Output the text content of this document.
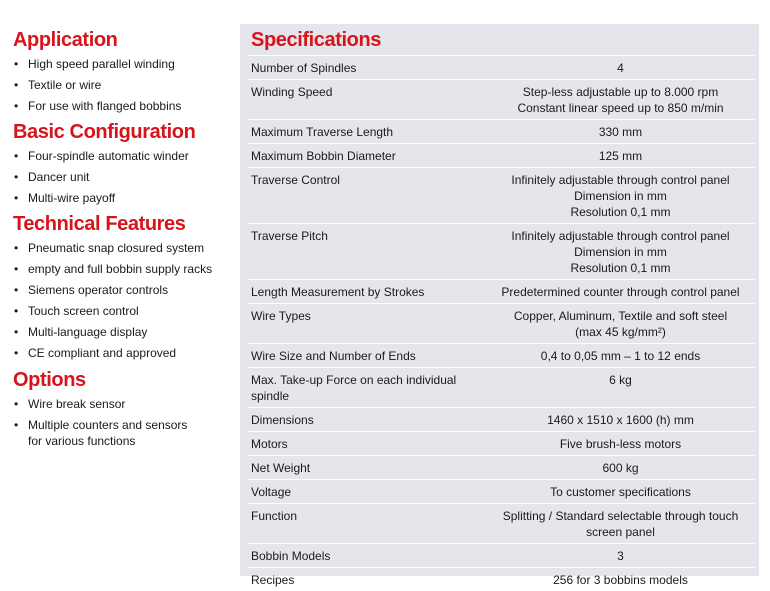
Application
• High speed parallel winding
• Textile or wire
• For use with flanged bobbins
Basic Configuration
• Four-spindle automatic winder
• Dancer unit
• Multi-wire payoff
Technical Features
• Pneumatic snap closured system
• empty and full bobbin supply racks
• Siemens operator controls
• Touch screen control
• Multi-language display
• CE compliant and approved
Options
• Wire break sensor
• Multiple counters and sensors
for various functions
Specifications
Number of Spindles	4
Winding Speed	Step-less adjustable up to 8.000 rpm
Constant linear speed up to 850 m/min
Maximum Traverse Length	330 mm
Maximum Bobbin Diameter	125 mm
Traverse Control	Infinitely adjustable through control panel
Dimension in mm
Resolution 0,1 mm
Traverse Pitch	Infinitely adjustable through control panel
Dimension in mm
Resolution 0,1 mm
Length Measurement by Strokes	Predetermined counter through control panel
Wire Types	Copper, Aluminum, Textile and soft steel
(max 45 kg/mm²)
Wire Size and Number of Ends	0,4 to 0,05 mm – 1 to 12 ends
Max. Take-up Force on each individual spindle	6 kg
Dimensions	1460 x 1510 x 1600 (h) mm
Motors	Five brush-less motors
Net Weight	600 kg
Voltage	To customer specifications
Function	Splitting / Standard selectable through touch screen panel
Bobbin Models	3
Recipes	256 for 3 bobbins models
